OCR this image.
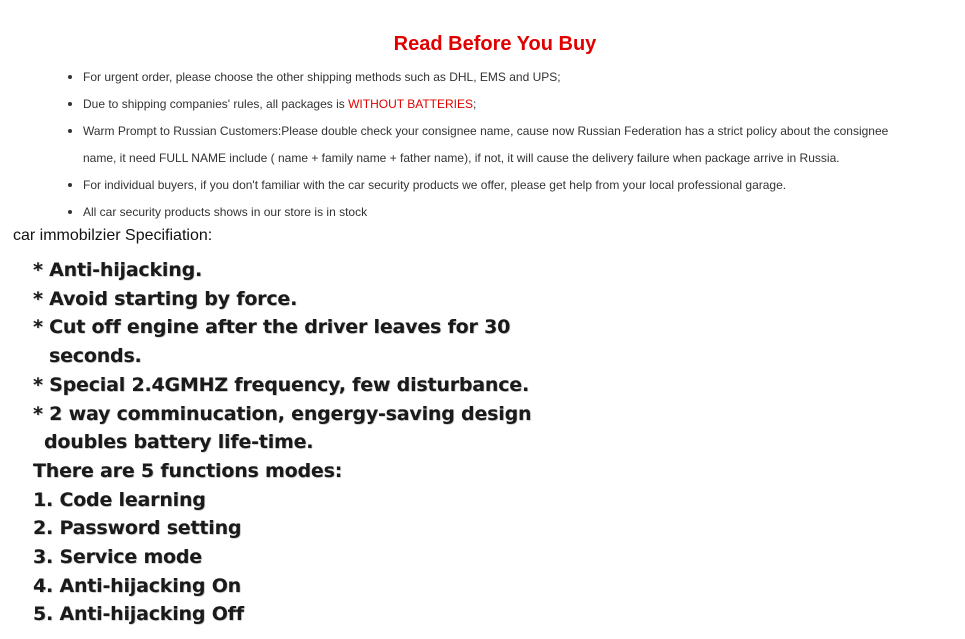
Read Before You Buy
For urgent order, please choose the other shipping methods such as DHL, EMS and UPS;
Due to shipping companies' rules, all packages is WITHOUT BATTERIES;
Warm Prompt to Russian Customers:Please double check your consignee name, cause now Russian Federation has a strict policy about the consignee
name, it need FULL NAME include ( name + family name + father name), if not, it will cause the delivery failure when package arrive in Russia.
For individual buyers, if you don't familiar with the car security products we offer, please get help from your local professional garage.
All car security products shows in our store is in stock
car immobilzier Specifiation:
* Anti-hijacking.
* Avoid starting by force.
* Cut off engine after the driver leaves for 30
seconds.
* Special 2.4GMHZ frequency, few disturbance.
* 2 way comminucation, engergy-saving design
doubles battery life-time.
There are 5 functions modes:
1. Code learning
2. Password setting
3. Service mode
4. Anti-hijacking On
5. Anti-hijacking Off
